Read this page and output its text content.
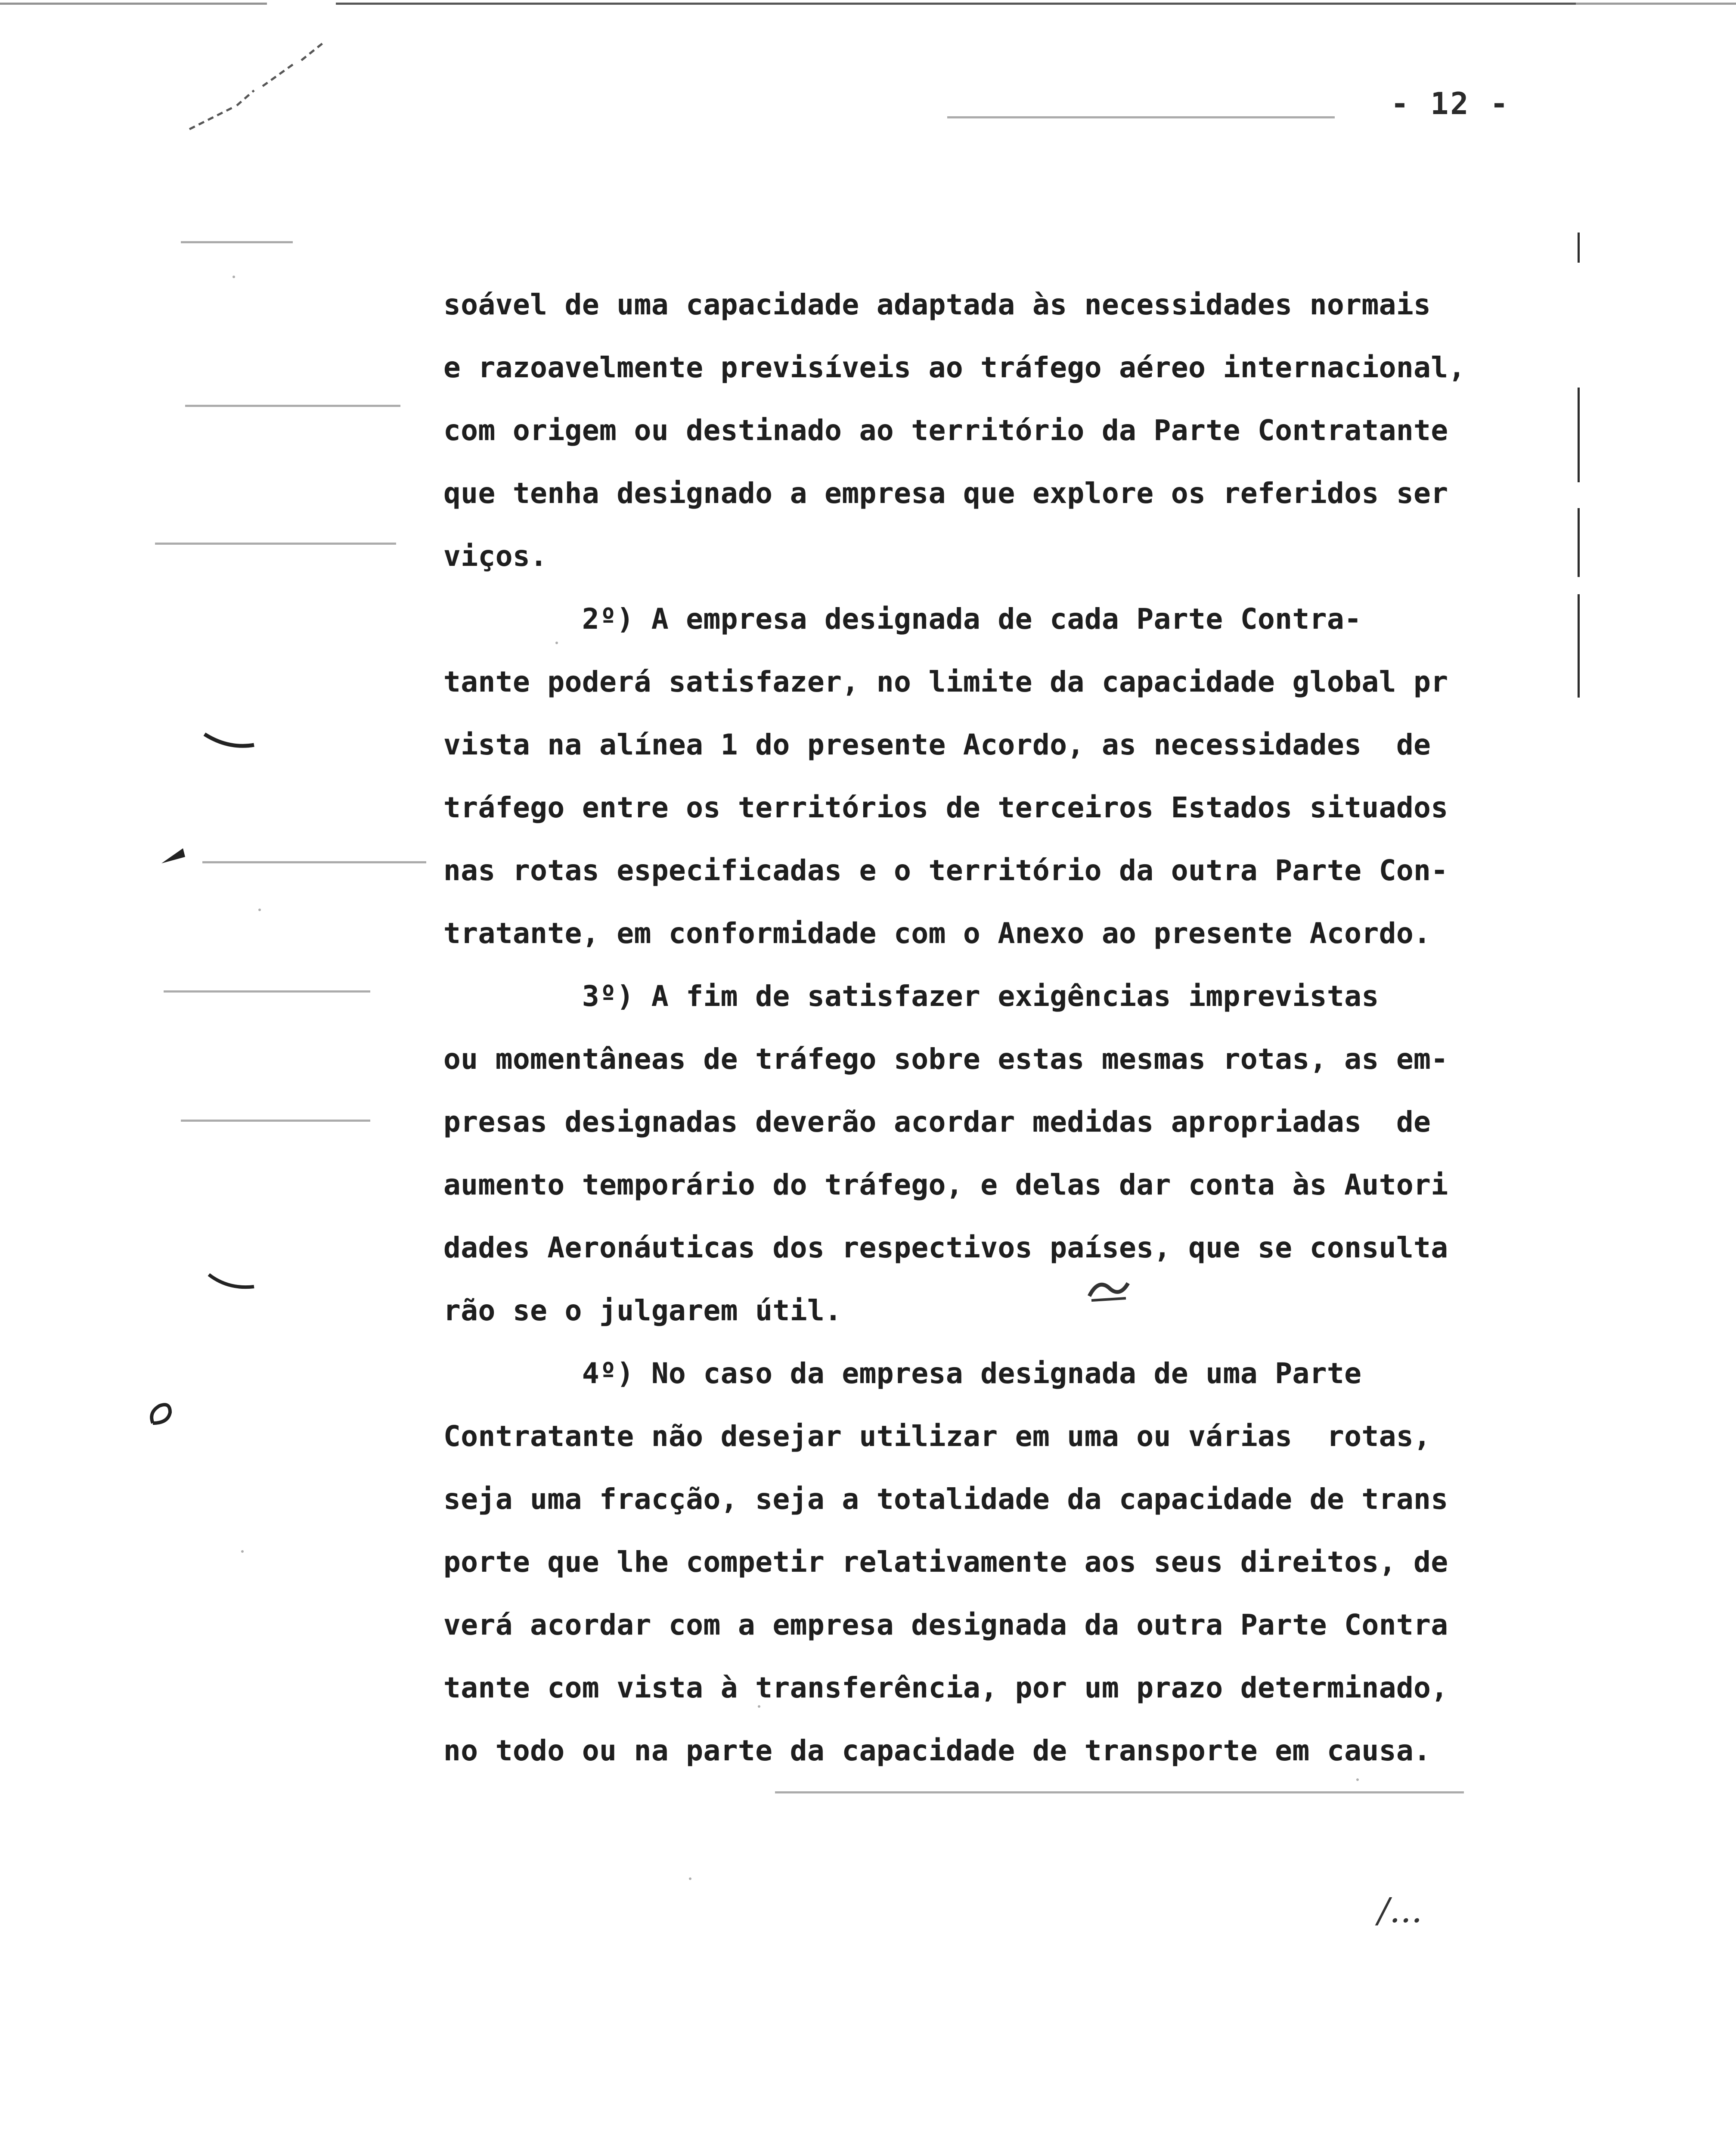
- 12 -
soável de uma capacidade adaptada às necessidades normais
e razoavelmente previsíveis ao tráfego aéreo internacional,
com origem ou destinado ao território da Parte Contratante
que tenha designado a empresa que explore os referidos ser
viços.
2º) A empresa designada de cada Parte Contra-
tante poderá satisfazer, no limite da capacidade global pr
vista na alínea 1 do presente Acordo, as necessidades  de
tráfego entre os territórios de terceiros Estados situados
nas rotas especificadas e o território da outra Parte Con-
tratante, em conformidade com o Anexo ao presente Acordo.
3º) A fim de satisfazer exigências imprevistas
ou momentâneas de tráfego sobre estas mesmas rotas, as em-
presas designadas deverão acordar medidas apropriadas  de
aumento temporário do tráfego, e delas dar conta às Autori
dades Aeronáuticas dos respectivos países, que se consulta
rão se o julgarem útil.
4º) No caso da empresa designada de uma Parte
Contratante não desejar utilizar em uma ou várias  rotas,
seja uma fracção, seja a totalidade da capacidade de trans
porte que lhe competir relativamente aos seus direitos, de
verá acordar com a empresa designada da outra Parte Contra
tante com vista à transferência, por um prazo determinado,
no todo ou na parte da capacidade de transporte em causa.
/...
